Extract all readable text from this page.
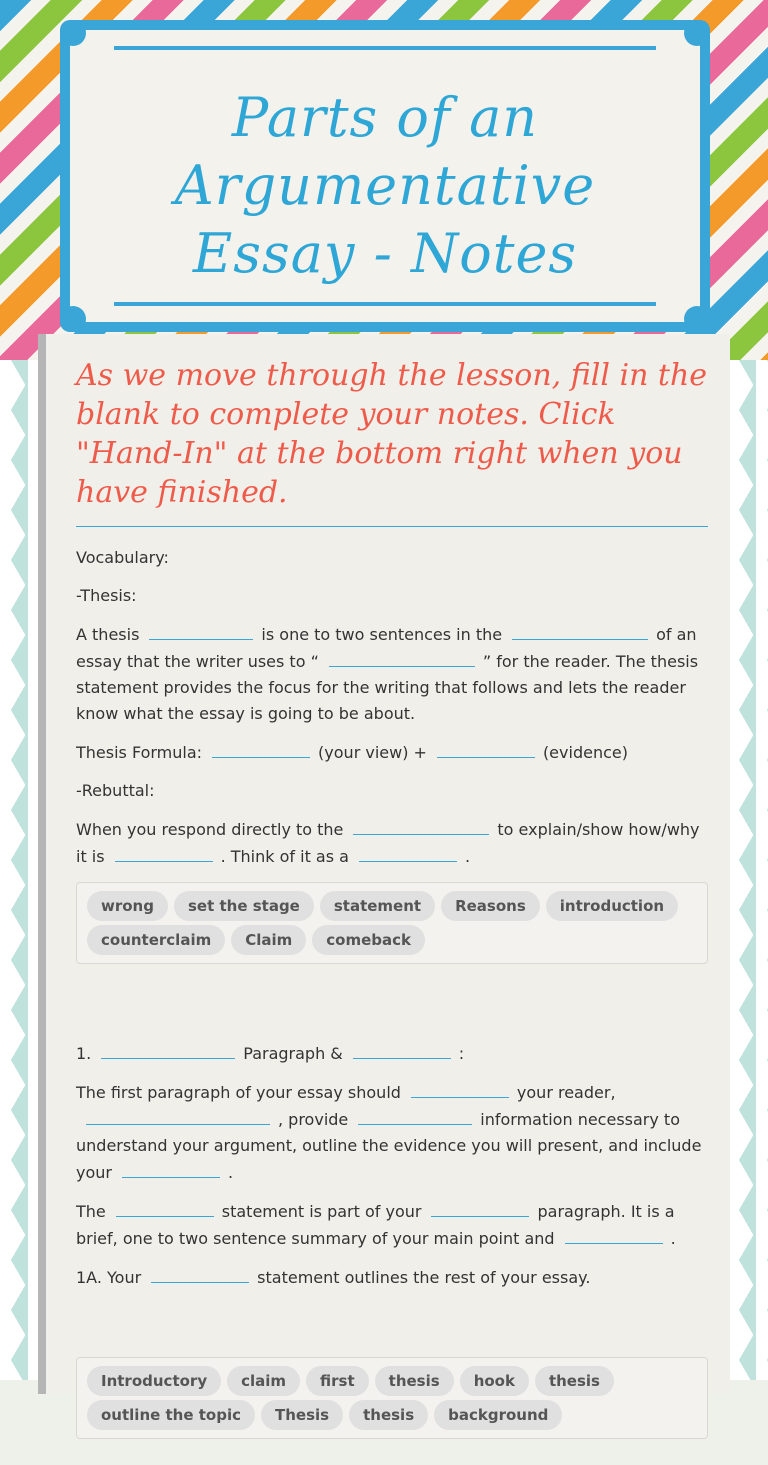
Parts of an Argumentative Essay - Notes
As we move through the lesson, fill in the blank to complete your notes. Click "Hand-In" at the bottom right when you have finished.

Vocabulary:

-Thesis:

A thesis	is one to two sentences in the	of an essay that the writer uses to “	” for the reader. The thesis statement provides the focus for the writing that follows and lets the reader know what the essay is going to be about.

Thesis Formula:	(your view) +	(evidence)

-Rebuttal:

When you respond directly to the	to explain/show how/why it is	. Think of it as a	.

wrong set the stage statement Reasons introductioncounterclaim Claim comeback

1.	Paragraph &	:

The first paragraph of your essay should	your reader,, provide	information necessary to understand your argument, outline the evidence you will present, and include your	.

The	statement is part of your	paragraph. It is a brief, one to two sentence summary of your main point and	.

1A. Your	statement outlines the rest of your essay.

Introductory claim first thesis hook thesisoutline the topic Thesis thesis background
